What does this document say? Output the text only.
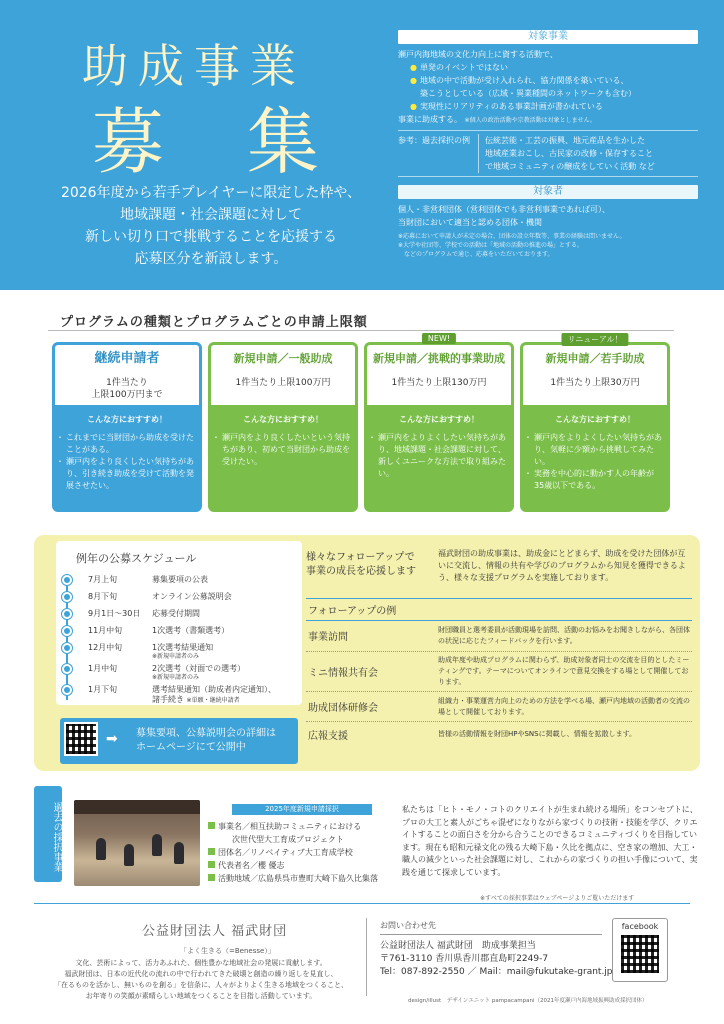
助成事業
募 集
2026年度から若手プレイヤーに限定した枠や、
地域課題・社会課題に対して
新しい切り口で挑戦することを応援する
応募区分を新設します。
対象事業
瀬戸内海地域の文化力向上に資する活動で、
● 単発のイベントではない
● 地域の中で活動が受け入れられ、協力関係を築いている、
築こうとしている（広域・異業種間のネットワークも含む）
● 実現性にリアリティのある事業計画が書かれている
事業に助成する。 ※個人の政治活動や宗教活動は対象としません。
参考：過去採択の例	伝統芸能・工芸の振興、地元産品を生かした
地域産業おこし、古民家の改修・保存すること
で地域コミュニティの醸成をしていく活動 など
対象者
個人・非営利団体（営利団体でも非営利事業であれば可）、
当財団において適当と認める団体・機関
※応募において申請人が未定の場合、団体の設立年数等、事業の経験は問いません。
※大学や社団等、学校での活動は「地域の活動の推進の場」とする。
　などのプログラムで通じ、応募をいただいております。
プログラムの種類とプログラムごとの申請上限額
継続申請者
1件当たり
上限100万円まで
こんな方におすすめ！
・ これまでに当財団から助成を受けたことがある。
・ 瀬戸内をより良くしたい気持ちがあり、引き続き助成を受けて活動を発展させたい。
新規申請／一般助成
1件当たり上限100万円
こんな方におすすめ！
・ 瀬戸内をより良くしたいという気持ちがあり、初めて当財団から助成を受けたい。
NEW!
新規申請／挑戦的事業助成
1件当たり上限130万円
こんな方におすすめ！
・ 瀬戸内をよりよくしたい気持ちがあり、地域課題・社会課題に対して、新しくユニークな方法で取り組みたい。
リニューアル！
新規申請／若手助成
1件当たり上限30万円
こんな方におすすめ！
・ 瀬戸内をよりよくしたい気持ちがあり、気軽に少額から挑戦してみたい。
・ 実務を中心的に動かす人の年齢が35歳以下である。
例年の公募スケジュール
7月上旬	募集要項の公表
8月下旬	オンライン公募説明会
9月1日〜30日	応募受付期間
11月中旬	1次選考（書類選考）
12月中旬	1次選考結果通知
※新規申請者のみ
1月中旬	2次選考（対面での選考）
※新規申請者のみ
1月下旬	選考結果通知（助成者内定通知）、
諸手続き ※単願・継続申請者
➡ 募集要項、公募説明会の詳細は
ホームページにて公開中
様々なフォローアップで
事業の成長を応援します
福武財団の助成事業は、助成金にとどまらず、助成を受けた団体が互いに交流し、情報の共有や学びのプログラムから知見を獲得できるよう、様々な支援プログラムを実施しております。
フォローアップの例
事業訪問
財団職員と選考委員が活動現場を訪問、活動のお悩みをお聞きしながら、各団体の状況に応じたフィードバックを行います。
ミニ情報共有会
助成年度や助成プログラムに関わらず、助成対象者同士の交流を目的としたミーティングです。テーマについてオンラインで意見交換をする場として開催しております。
助成団体研修会
組織力・事業運営力向上のための方法を学べる場、瀬戸内地域の活動者の交流の場として開催しております。
広報支援	皆様の活動情報を財団HPやSNSに掲載し、情報を拡散します。
過去の採択事業	2025年度新規申請採択
事業名／相互扶助コミュニティにおける
　　　次世代型大工育成プロジェクト
団体名／リノベイティブ大工育成学校
代表者名／櫻 優志
活動地域／広島県呉市豊町大崎下島久比集落
私たちは「ヒト・モノ・コトのクリエイトが生まれ続ける場所」をコンセプトに、プロの大工と素人がごちゃ混ぜになりながら家づくりの技術・技能を学び、クリエイトすることの面白さを分から合うことのできるコミュニティづくりを目指しています。現在も昭和元禄文化の残る大崎下島・久比を拠点に、空き家の増加、大工・職人の減少といった社会課題に対し、これからの家づくりの担い手像について、実践を通じて探求しています。
※すべての採択事業はウェブページよりご覧いただけます
公益財団法人 福武財団
「よく生きる（=Benesse）」
文化、芸術によって、活力あふれた、個性豊かな地域社会の発展に貢献します。
福武財団は、日本の近代化の流れの中で行われてきた破壊と創造の繰り返しを見直し、
「在るものを活かし、無いものを創る」を信条に、人々がよりよく生きる地域をつくること、
お年寄りの笑顔が素晴らしい地域をつくることを目指し活動しています。
お問い合わせ先
公益財団法人 福武財団　助成事業担当
〒761-3110 香川県香川郡直島町2249-7
Tel：087-892-2550 ／ Mail：mail@fukutake-grant.jp
facebook
design/illust　デザインユニット pampacampani（2021年度瀬戸内海地域振興助成採択団体）
